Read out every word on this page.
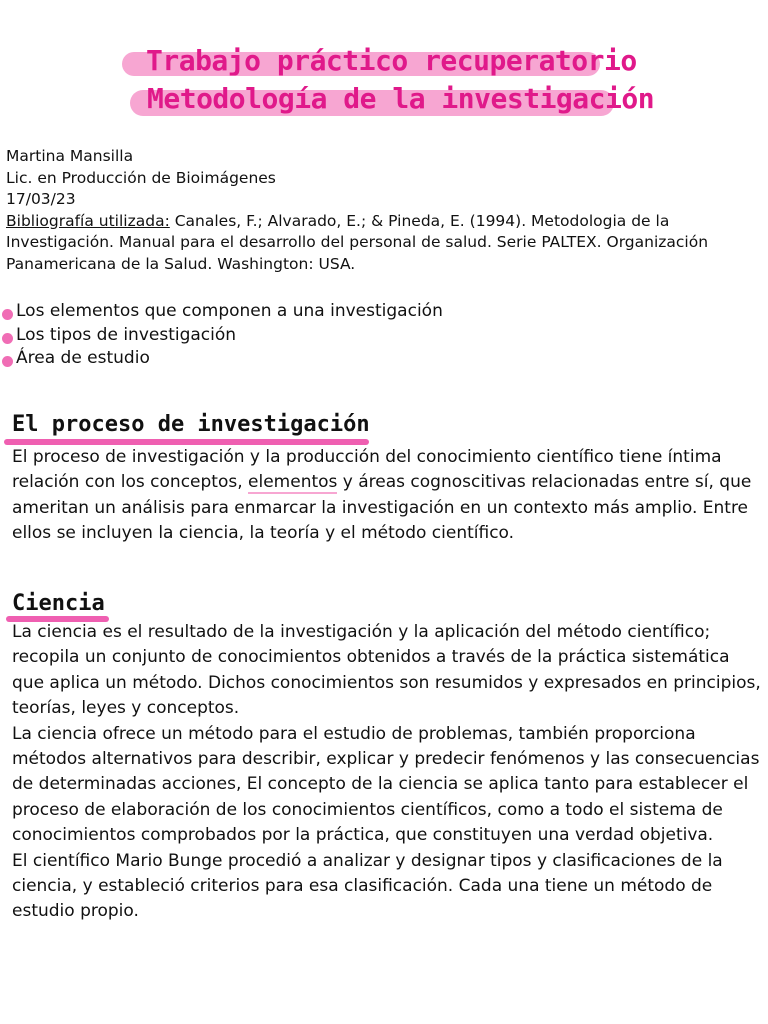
Trabajo práctico recuperatorio
Metodología de la investigación
Martina Mansilla
Lic. en Producción de Bioimágenes
17/03/23
Bibliografía utilizada: Canales, F.; Alvarado, E.; & Pineda, E. (1994). Metodologia de la Investigación. Manual para el desarrollo del personal de salud. Serie PALTEX. Organización Panamericana de la Salud. Washington: USA.
Los elementos que componen a una investigación
Los tipos de investigación
Área de estudio
El proceso de investigación
El proceso de investigación y la producción del conocimiento científico tiene íntima relación con los conceptos, elementos y áreas cognoscitivas relacionadas entre sí, que ameritan un análisis para enmarcar la investigación en un contexto más amplio. Entre ellos se incluyen la ciencia, la teoría y el método científico.
Ciencia
La ciencia es el resultado de la investigación y la aplicación del método científico; recopila un conjunto de conocimientos obtenidos a través de la práctica sistemática que aplica un método. Dichos conocimientos son resumidos y expresados en principios, teorías, leyes y conceptos.
La ciencia ofrece un método para el estudio de problemas, también proporciona métodos alternativos para describir, explicar y predecir fenómenos y las consecuencias de determinadas acciones, El concepto de la ciencia se aplica tanto para establecer el proceso de elaboración de los conocimientos científicos, como a todo el sistema de conocimientos comprobados por la práctica, que constituyen una verdad objetiva.
El científico Mario Bunge procedió a analizar y designar tipos y clasificaciones de la ciencia, y estableció criterios para esa clasificación. Cada una tiene un método de estudio propio.
